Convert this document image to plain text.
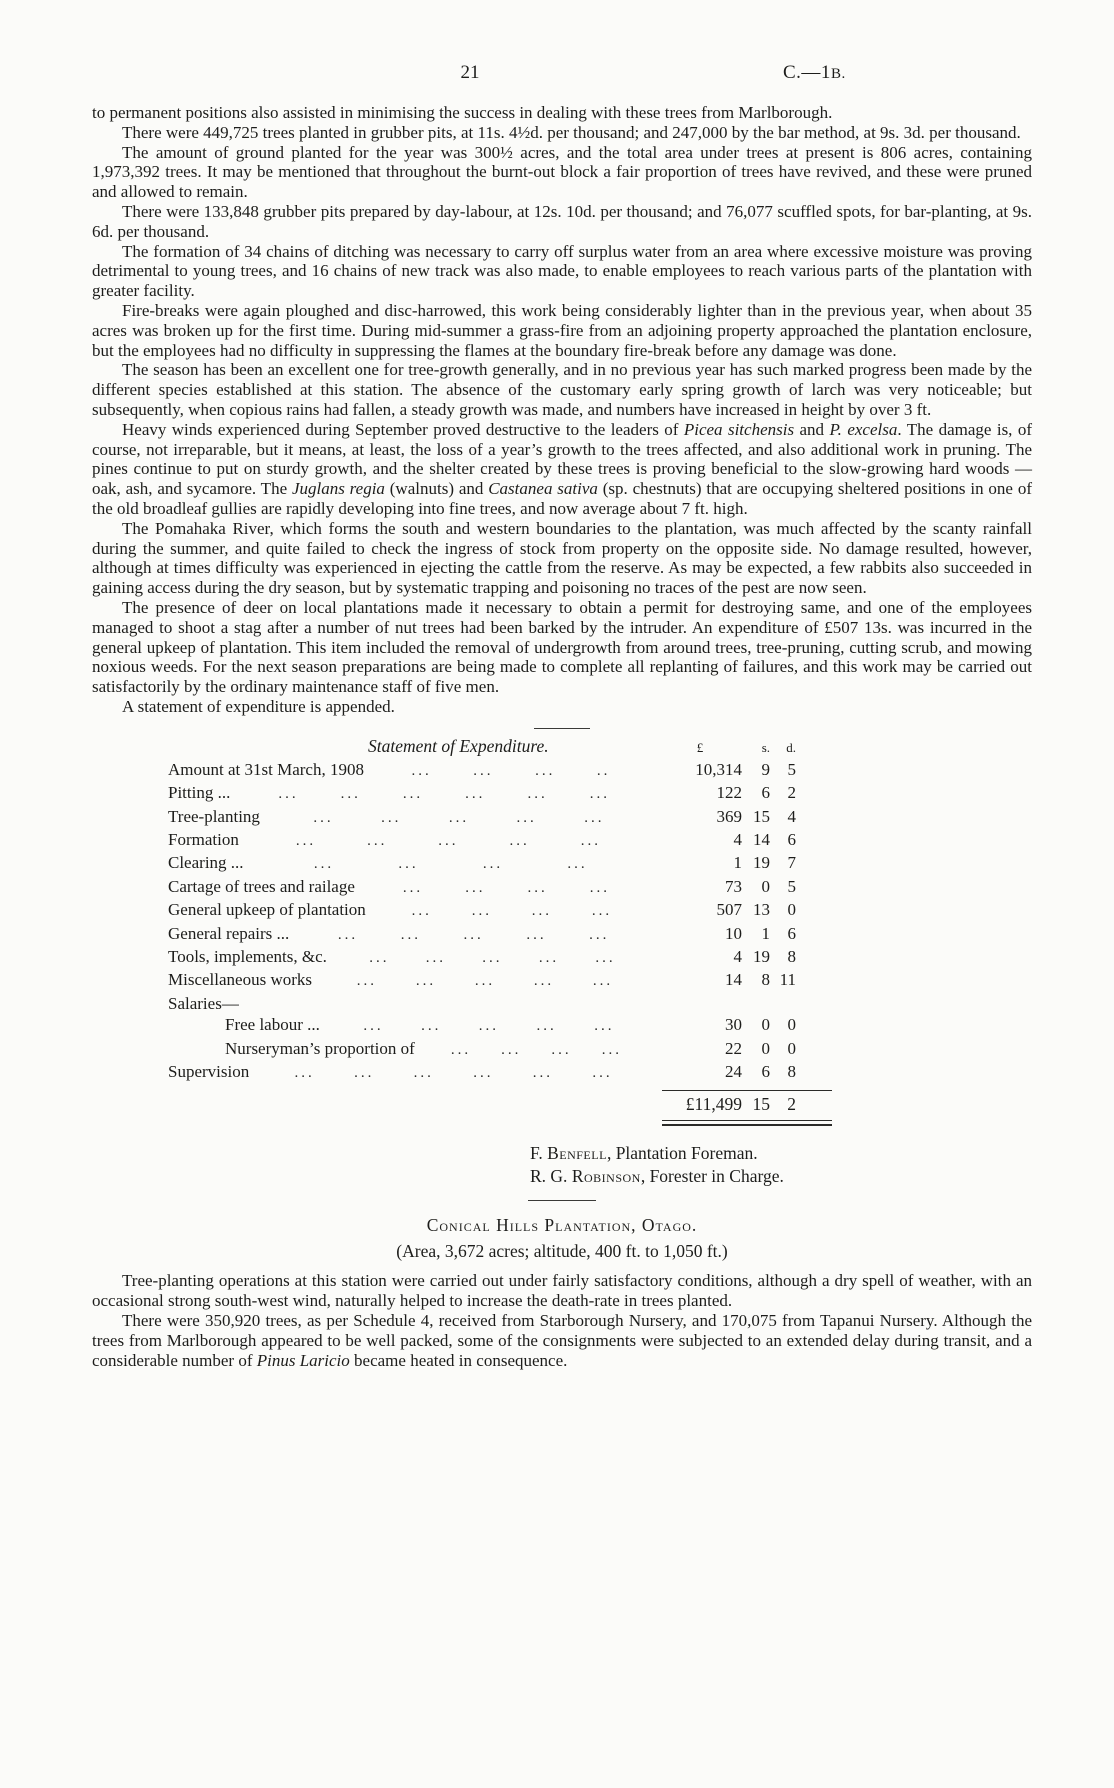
21	C.—1B.

to permanent positions also assisted in minimising the success in dealing with these trees from Marlborough.

There were 449,725 trees planted in grubber pits, at 11s. 4½d. per thousand; and 247,000 by the bar method, at 9s. 3d. per thousand.

The amount of ground planted for the year was 300½ acres, and the total area under trees at present is 806 acres, containing 1,973,392 trees. It may be mentioned that throughout the burnt-out block a fair proportion of trees have revived, and these were pruned and allowed to remain.

There were 133,848 grubber pits prepared by day-labour, at 12s. 10d. per thousand; and 76,077 scuffled spots, for bar-planting, at 9s. 6d. per thousand.

The formation of 34 chains of ditching was necessary to carry off surplus water from an area where excessive moisture was proving detrimental to young trees, and 16 chains of new track was also made, to enable employees to reach various parts of the plantation with greater facility.

Fire-breaks were again ploughed and disc-harrowed, this work being considerably lighter than in the previous year, when about 35 acres was broken up for the first time. During mid-summer a grass-fire from an adjoining property approached the plantation enclosure, but the employees had no difficulty in suppressing the flames at the boundary fire-break before any damage was done.

The season has been an excellent one for tree-growth generally, and in no previous year has such marked progress been made by the different species established at this station. The absence of the customary early spring growth of larch was very noticeable; but subsequently, when copious rains had fallen, a steady growth was made, and numbers have increased in height by over 3 ft.

Heavy winds experienced during September proved destructive to the leaders of Picea sitchensis and P. excelsa. The damage is, of course, not irreparable, but it means, at least, the loss of a year’s growth to the trees affected, and also additional work in pruning. The pines continue to put on sturdy growth, and the shelter created by these trees is proving beneficial to the slow-growing hard woods — oak, ash, and sycamore. The Juglans regia (walnuts) and Castanea sativa (sp. chestnuts) that are occupying sheltered positions in one of the old broadleaf gullies are rapidly developing into fine trees, and now average about 7 ft. high.

The Pomahaka River, which forms the south and western boundaries to the plantation, was much affected by the scanty rainfall during the summer, and quite failed to check the ingress of stock from property on the opposite side. No damage resulted, however, although at times difficulty was experienced in ejecting the cattle from the reserve. As may be expected, a few rabbits also succeeded in gaining access during the dry season, but by systematic trapping and poisoning no traces of the pest are now seen.

The presence of deer on local plantations made it necessary to obtain a permit for destroying same, and one of the employees managed to shoot a stag after a number of nut trees had been barked by the intruder. An expenditure of £507 13s. was incurred in the general upkeep of plantation. This item included the removal of undergrowth from around trees, tree-pruning, cutting scrub, and mowing noxious weeds. For the next season preparations are being made to complete all replanting of failures, and this work may be carried out satisfactorily by the ordinary maintenance staff of five men.

A statement of expenditure is appended.

Statement of Expenditure.	£	s.	d.
Amount at 31st March, 1908	...	...	...	..	10,314	9	5
Pitting ...	...	...	...	...	...	...	122	6	2
Tree-planting	...	...	...	...	...	369 15	4
Formation	...	...	...	...	...	4 14	6
Clearing ...	...	...	...	...	1 19	7
Cartage of trees and railage	...	...	...	...	73	0	5
General upkeep of plantation	...	...	...	...	507 13	0
General repairs ...	...	...	...	...	...	10	1	6
Tools, implements, &c.	... ... ... ... ...	4 19	8
Miscellaneous works	...	...	...	...	...	14	8 11
Salaries—
Free labour ...	... ... ... ... ...	30	0	0
Nurseryman’s proportion of ... ... ... ...	22	0	0
Supervision	...	...	...	...	...	...	24	6	8
£11,499 15 2
F. Benfell, Plantation Foreman.
R. G. Robinson, Forester in Charge.
Conical Hills Plantation, Otago.
(Area, 3,672 acres; altitude, 400 ft. to 1,050 ft.)

Tree-planting operations at this station were carried out under fairly satisfactory conditions, although a dry spell of weather, with an occasional strong south-west wind, naturally helped to increase the death-rate in trees planted.

There were 350,920 trees, as per Schedule 4, received from Starborough Nursery, and 170,075 from Tapanui Nursery. Although the trees from Marlborough appeared to be well packed, some of the consignments were subjected to an extended delay during transit, and a considerable number of Pinus Laricio became heated in consequence.
